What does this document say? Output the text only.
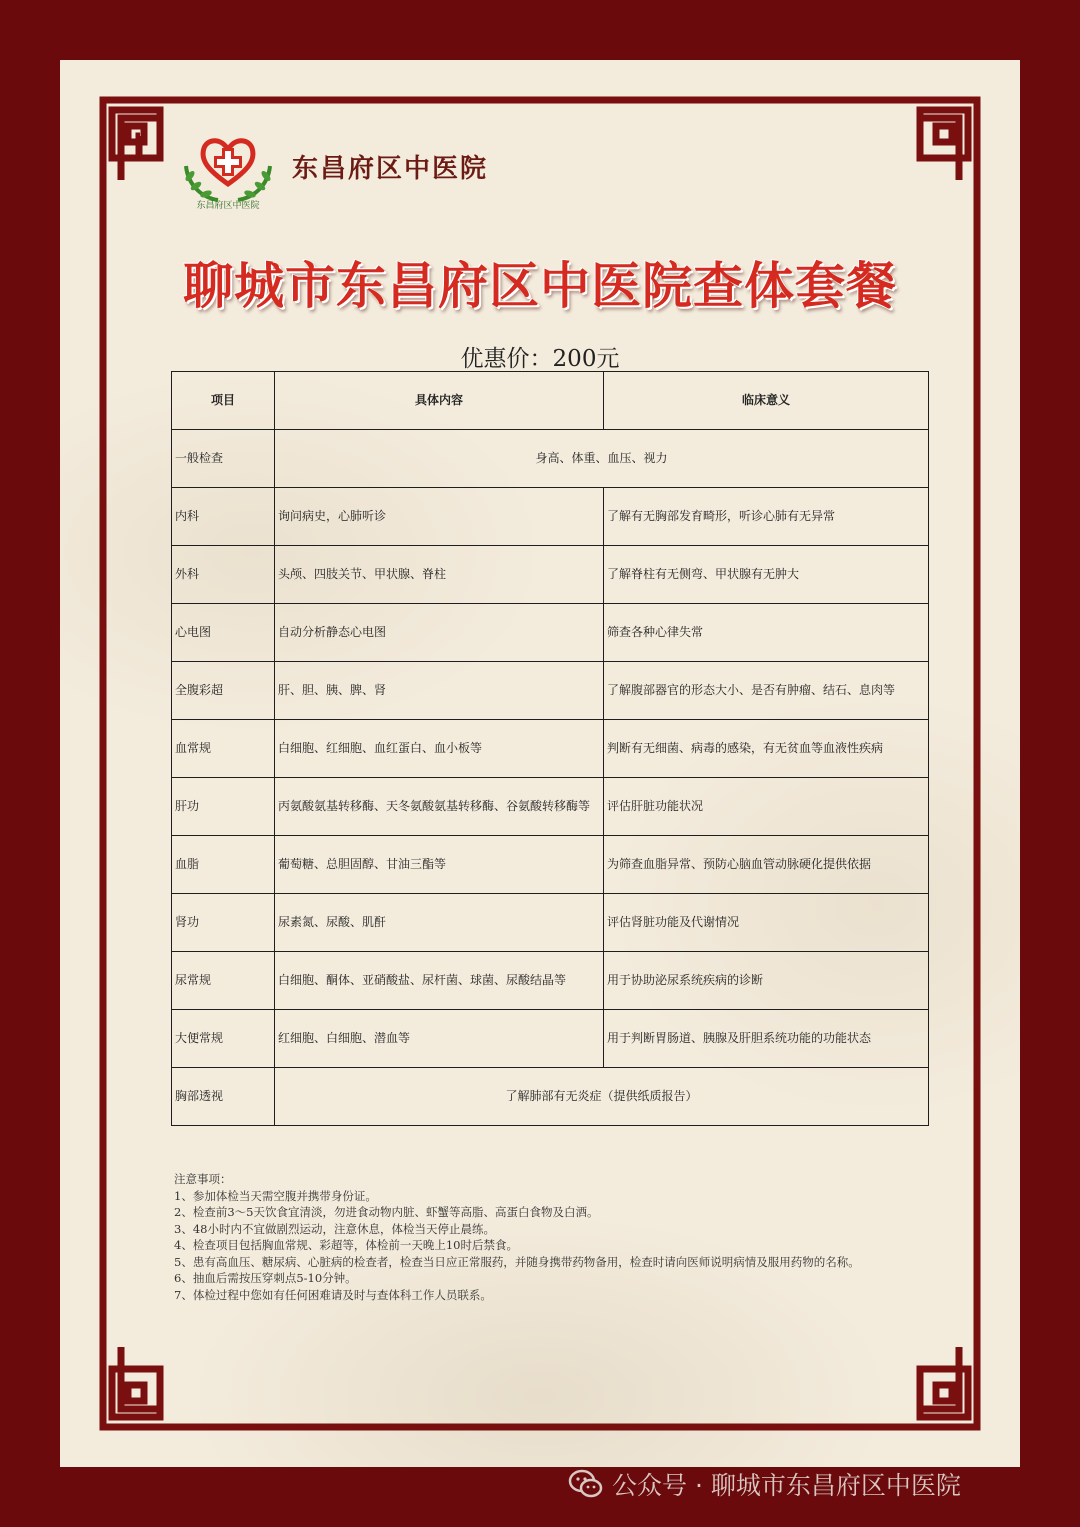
东昌府区中医院
东昌府区中医院
聊城市东昌府区中医院查体套餐
优惠价：200元
项目	具体内容	临床意义
一般检查	身高、体重、血压、视力	
内科	询问病史，心肺听诊	了解有无胸部发育畸形，听诊心肺有无异常
外科	头颅、四肢关节、甲状腺、脊柱	了解脊柱有无侧弯、甲状腺有无肿大
心电图	自动分析静态心电图	筛查各种心律失常
全腹彩超	肝、胆、胰、脾、肾	了解腹部器官的形态大小、是否有肿瘤、结石、息肉等
血常规	白细胞、红细胞、血红蛋白、血小板等	判断有无细菌、病毒的感染，有无贫血等血液性疾病
肝功	丙氨酸氨基转移酶、天冬氨酸氨基转移酶、谷氨酸转移酶等	评估肝脏功能状况
血脂	葡萄糖、总胆固醇、甘油三酯等	为筛查血脂异常、预防心脑血管动脉硬化提供依据
肾功	尿素氮、尿酸、肌酐	评估肾脏功能及代谢情况
尿常规	白细胞、酮体、亚硝酸盐、尿杆菌、球菌、尿酸结晶等	用于协助泌尿系统疾病的诊断
大便常规	红细胞、白细胞、潜血等	用于判断胃肠道、胰腺及肝胆系统功能的功能状态
胸部透视	了解肺部有无炎症（提供纸质报告）	
注意事项：
1、参加体检当天需空腹并携带身份证。
2、检查前3～5天饮食宜清淡，勿进食动物内脏、虾蟹等高脂、高蛋白食物及白酒。
3、48小时内不宜做剧烈运动，注意休息，体检当天停止晨练。
4、检查项目包括胸血常规、彩超等，体检前一天晚上10时后禁食。
5、患有高血压、糖尿病、心脏病的检查者，检查当日应正常服药，并随身携带药物备用，检查时请向医师说明病情及服用药物的名称。
6、抽血后需按压穿刺点5-10分钟。
7、体检过程中您如有任何困难请及时与查体科工作人员联系。
公众号 · 聊城市东昌府区中医院
